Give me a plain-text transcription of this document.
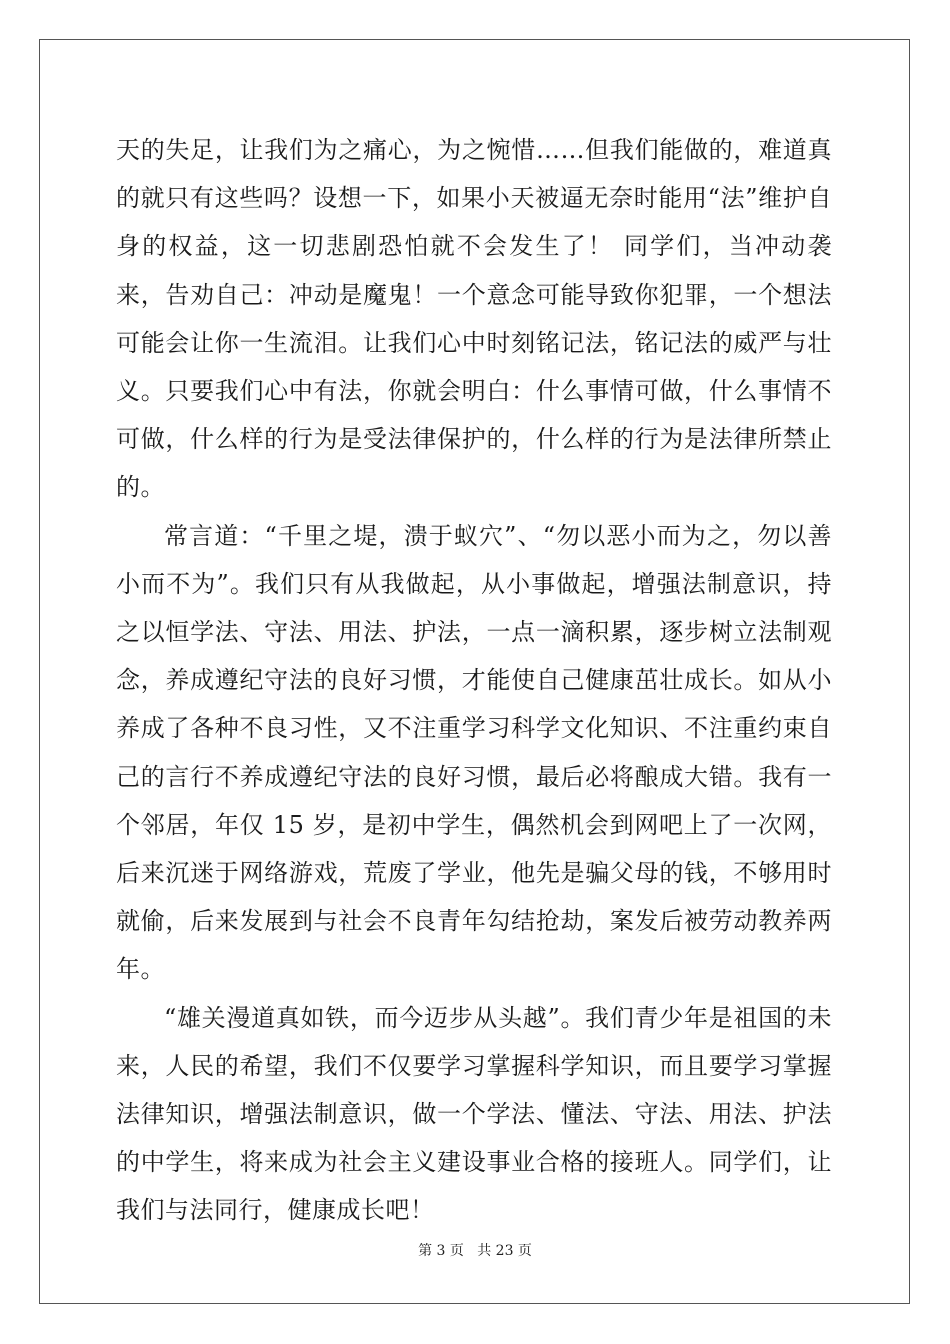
天的失足，让我们为之痛心，为之惋惜……但我们能做的，难道真的就只有这些吗？设想一下，如果小天被逼无奈时能用“法”维护自身的权益，这一切悲剧恐怕就不会发生了！ 同学们，当冲动袭来，告劝自己：冲动是魔鬼！一个意念可能导致你犯罪，一个想法可能会让你一生流泪。让我们心中时刻铭记法，铭记法的威严与壮义。只要我们心中有法，你就会明白：什么事情可做，什么事情不可做，什么样的行为是受法律保护的，什么样的行为是法律所禁止的。

常言道：“千里之堤，溃于蚁穴”、“勿以恶小而为之，勿以善小而不为”。我们只有从我做起，从小事做起，增强法制意识，持之以恒学法、守法、用法、护法，一点一滴积累，逐步树立法制观念，养成遵纪守法的良好习惯，才能使自己健康茁壮成长。如从小养成了各种不良习性，又不注重学习科学文化知识、不注重约束自己的言行不养成遵纪守法的良好习惯，最后必将酿成大错。我有一个邻居，年仅 15 岁，是初中学生，偶然机会到网吧上了一次网，后来沉迷于网络游戏，荒废了学业，他先是骗父母的钱，不够用时就偷，后来发展到与社会不良青年勾结抢劫，案发后被劳动教养两年。

“雄关漫道真如铁，而今迈步从头越”。我们青少年是祖国的未来，人民的希望，我们不仅要学习掌握科学知识，而且要学习掌握法律知识，增强法制意识，做一个学法、懂法、守法、用法、护法的中学生，将来成为社会主义建设事业合格的接班人。同学们，让我们与法同行，健康成长吧！

第 3 页   共 23 页
